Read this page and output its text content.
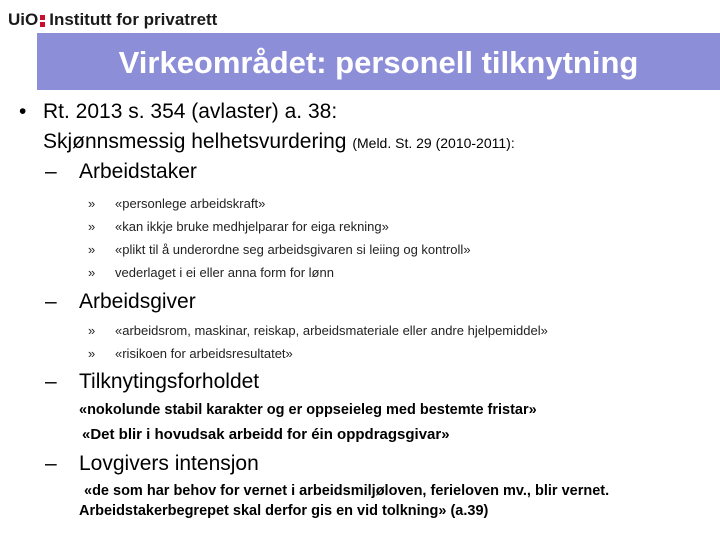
UiO Institutt for privatrett
Virkeområdet: personell tilknytning
• Rt. 2013 s. 354 (avlaster) a. 38:
Skjønnsmessig helhetsvurdering (Meld. St. 29 (2010-2011):
– Arbeidstaker
» «personlege arbeidskraft»
» «kan ikkje bruke medhjelparar for eiga rekning»
» «plikt til å underordne seg arbeidsgivaren si leiing og kontroll»
» vederlaget i ei eller anna form for lønn
– Arbeidsgiver
» «arbeidsrom, maskinar, reiskap, arbeidsmateriale eller andre hjelpemiddel»
» «risikoen for arbeidsresultatet»
– Tilknytingsforholdet
«nokolunde stabil karakter og er oppseieleg med bestemte fristar»
«Det blir i hovudsak arbeidd for éin oppdragsgivar»
– Lovgivers intensjon
«de som har behov for vernet i arbeidsmiljøloven, ferieloven mv., blir vernet.
Arbeidstakerbegrepet skal derfor gis en vid tolkning» (a.39)
